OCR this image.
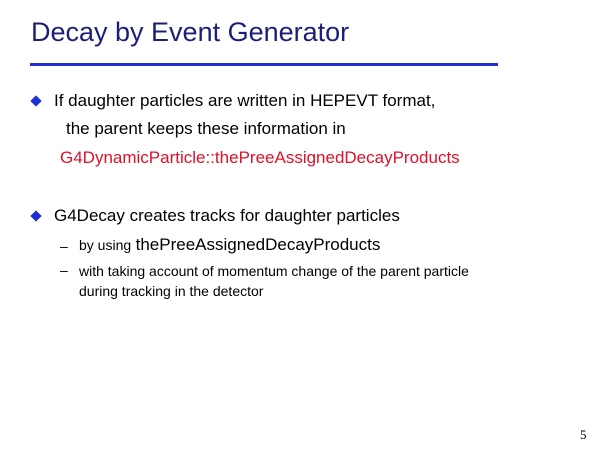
Decay by Event Generator
If daughter particles are written in HEPEVT format,
the parent keeps these information in
G4DynamicParticle::thePreeAssignedDecayProducts
G4Decay creates tracks for daughter particles
– by using thePreeAssignedDecayProducts
– with taking account of momentum change of the parent particle
during tracking in the detector
5
